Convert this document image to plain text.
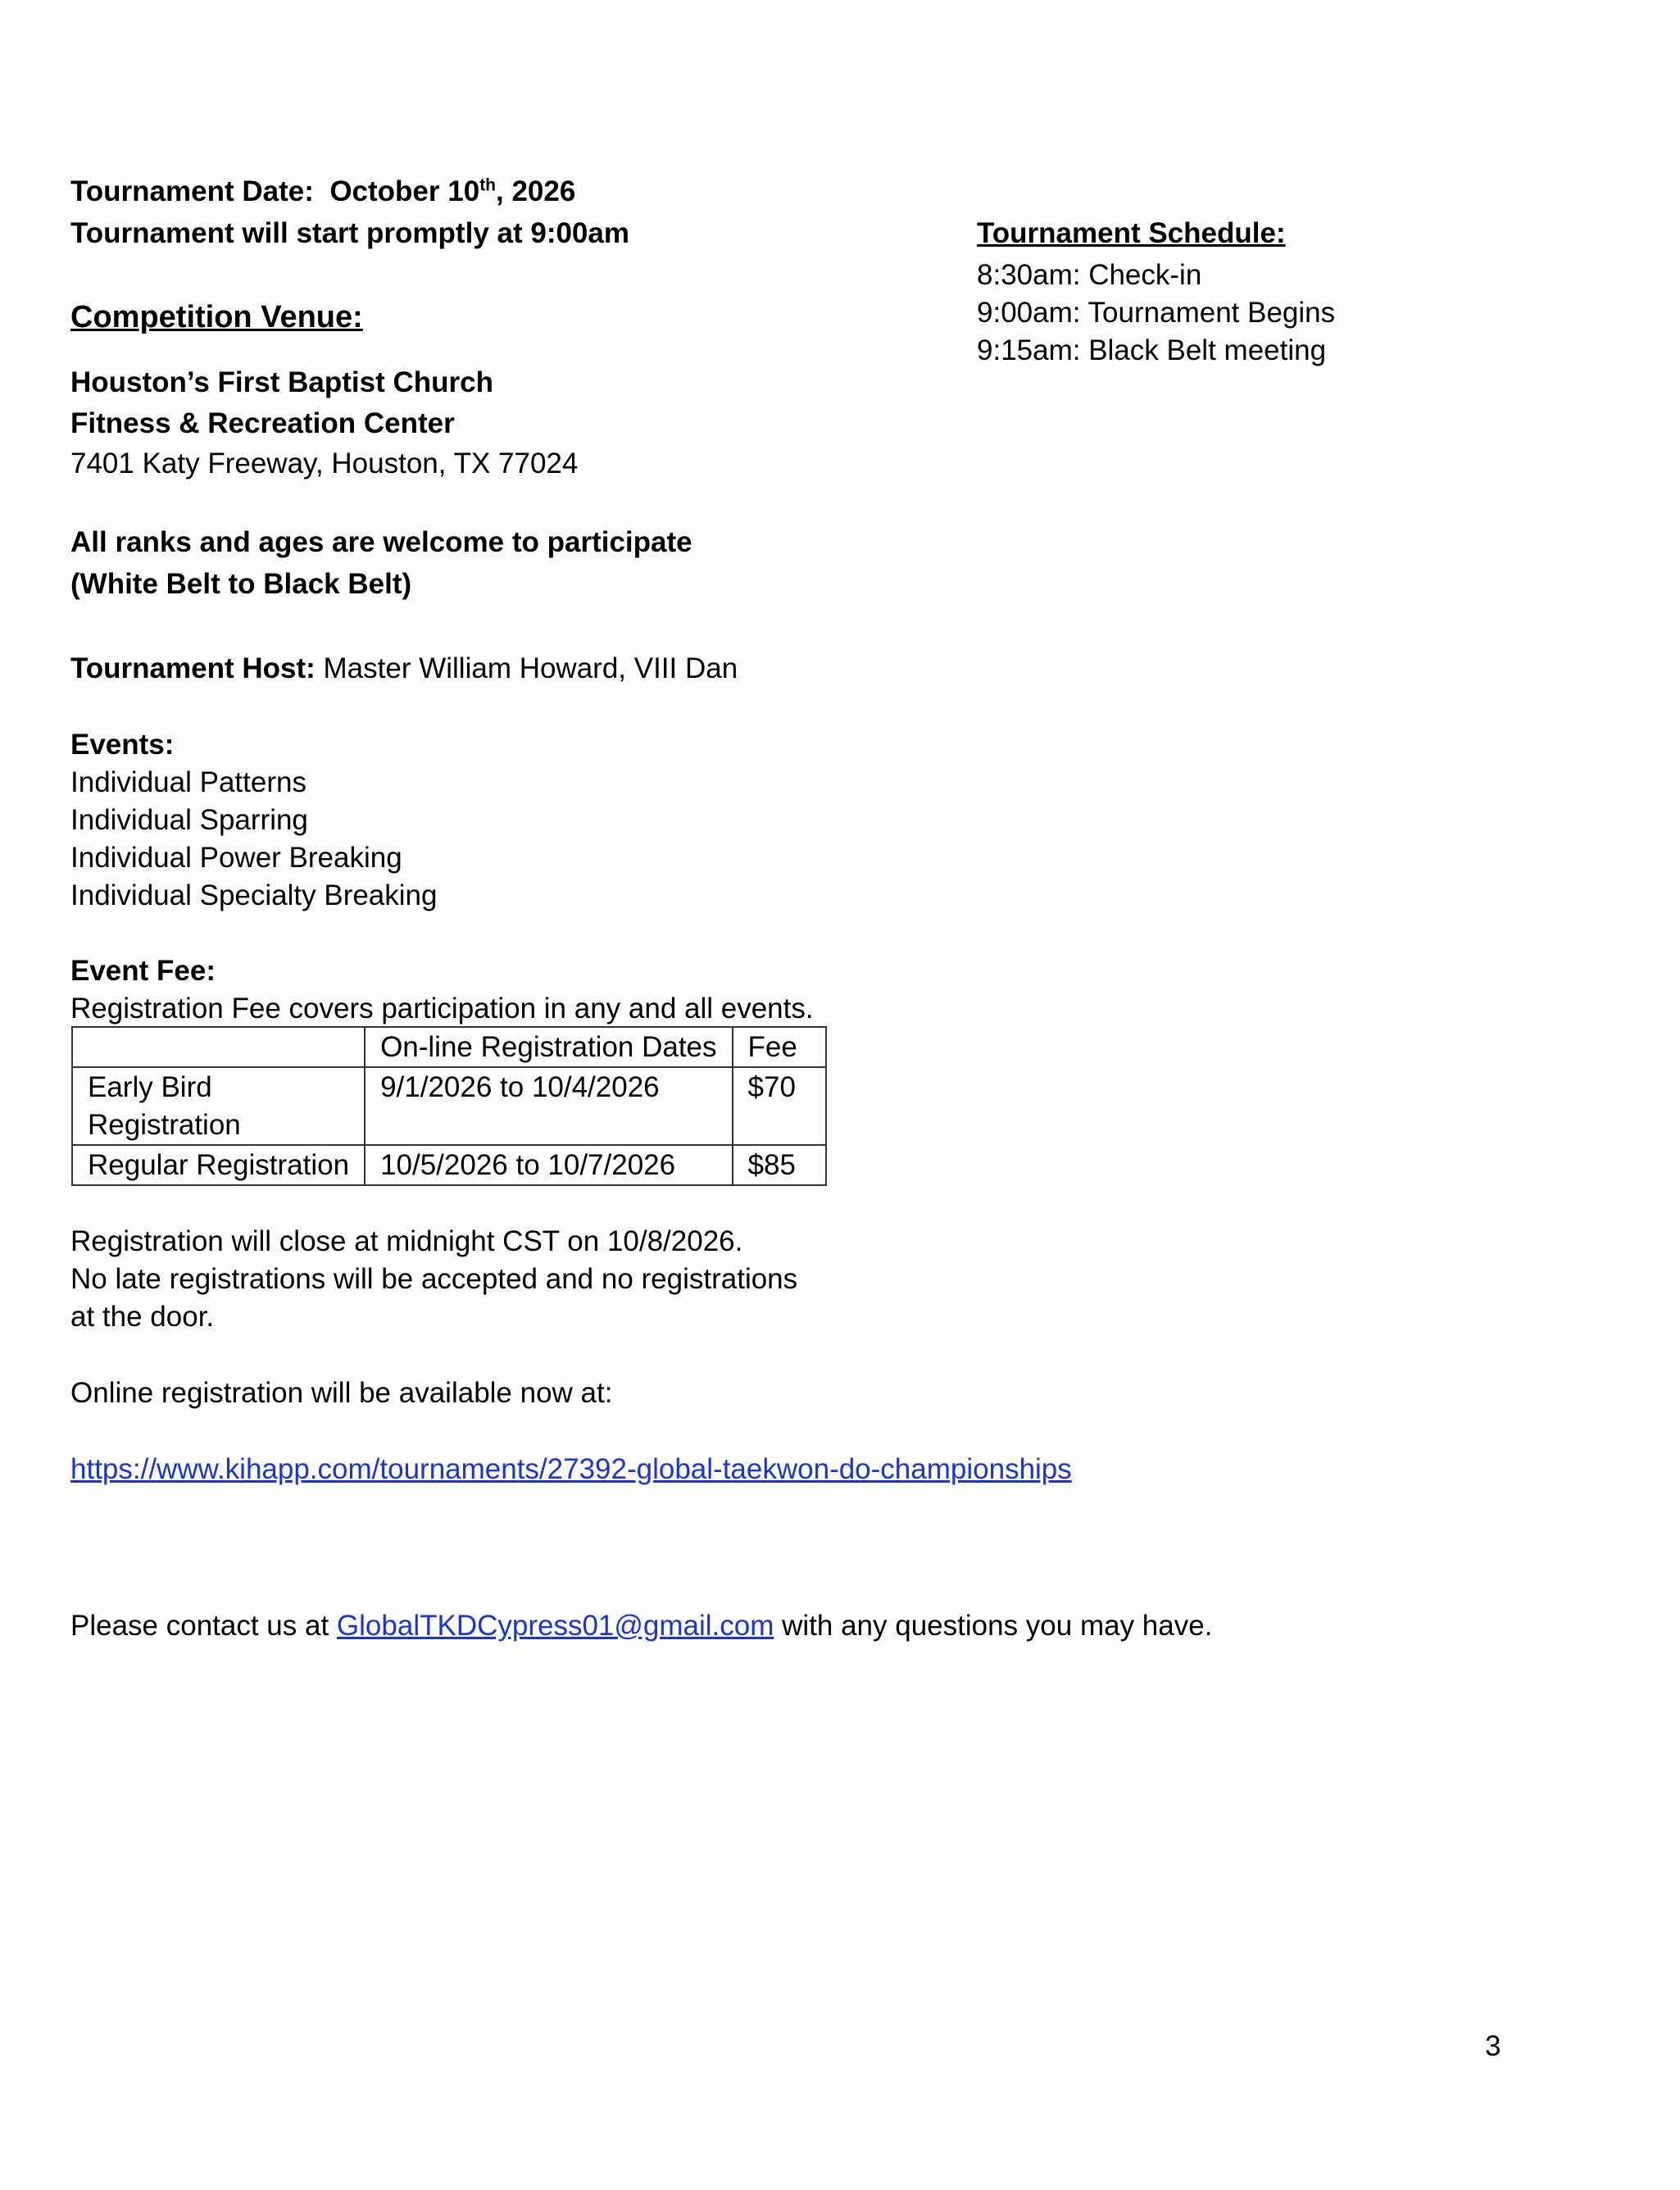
Tournament Date: October 10th, 2026
Tournament will start promptly at 9:00am	Tournament Schedule:
8:30am: Check-in
9:00am: Tournament Begins
9:15am: Black Belt meeting
Competition Venue:
Houston’s First Baptist Church
Fitness & Recreation Center
7401 Katy Freeway, Houston, TX 77024
All ranks and ages are welcome to participate
(White Belt to Black Belt)
Tournament Host: Master William Howard, VIII Dan
Events:
Individual Patterns
Individual Sparring
Individual Power Breaking
Individual Specialty Breaking
Event Fee:
Registration Fee covers participation in any and all events.
	On-line Registration Dates	Fee

Early Bird
Registration	9/1/2026 to 10/4/2026	$70
Regular Registration	10/5/2026 to 10/7/2026	$85
Registration will close at midnight CST on 10/8/2026.
No late registrations will be accepted and no registrations
at the door.
Online registration will be available now at:
https://www.kihapp.com/tournaments/27392-global-taekwon-do-championships
Please contact us at GlobalTKDCypress01@gmail.com with any questions you may have.
3
